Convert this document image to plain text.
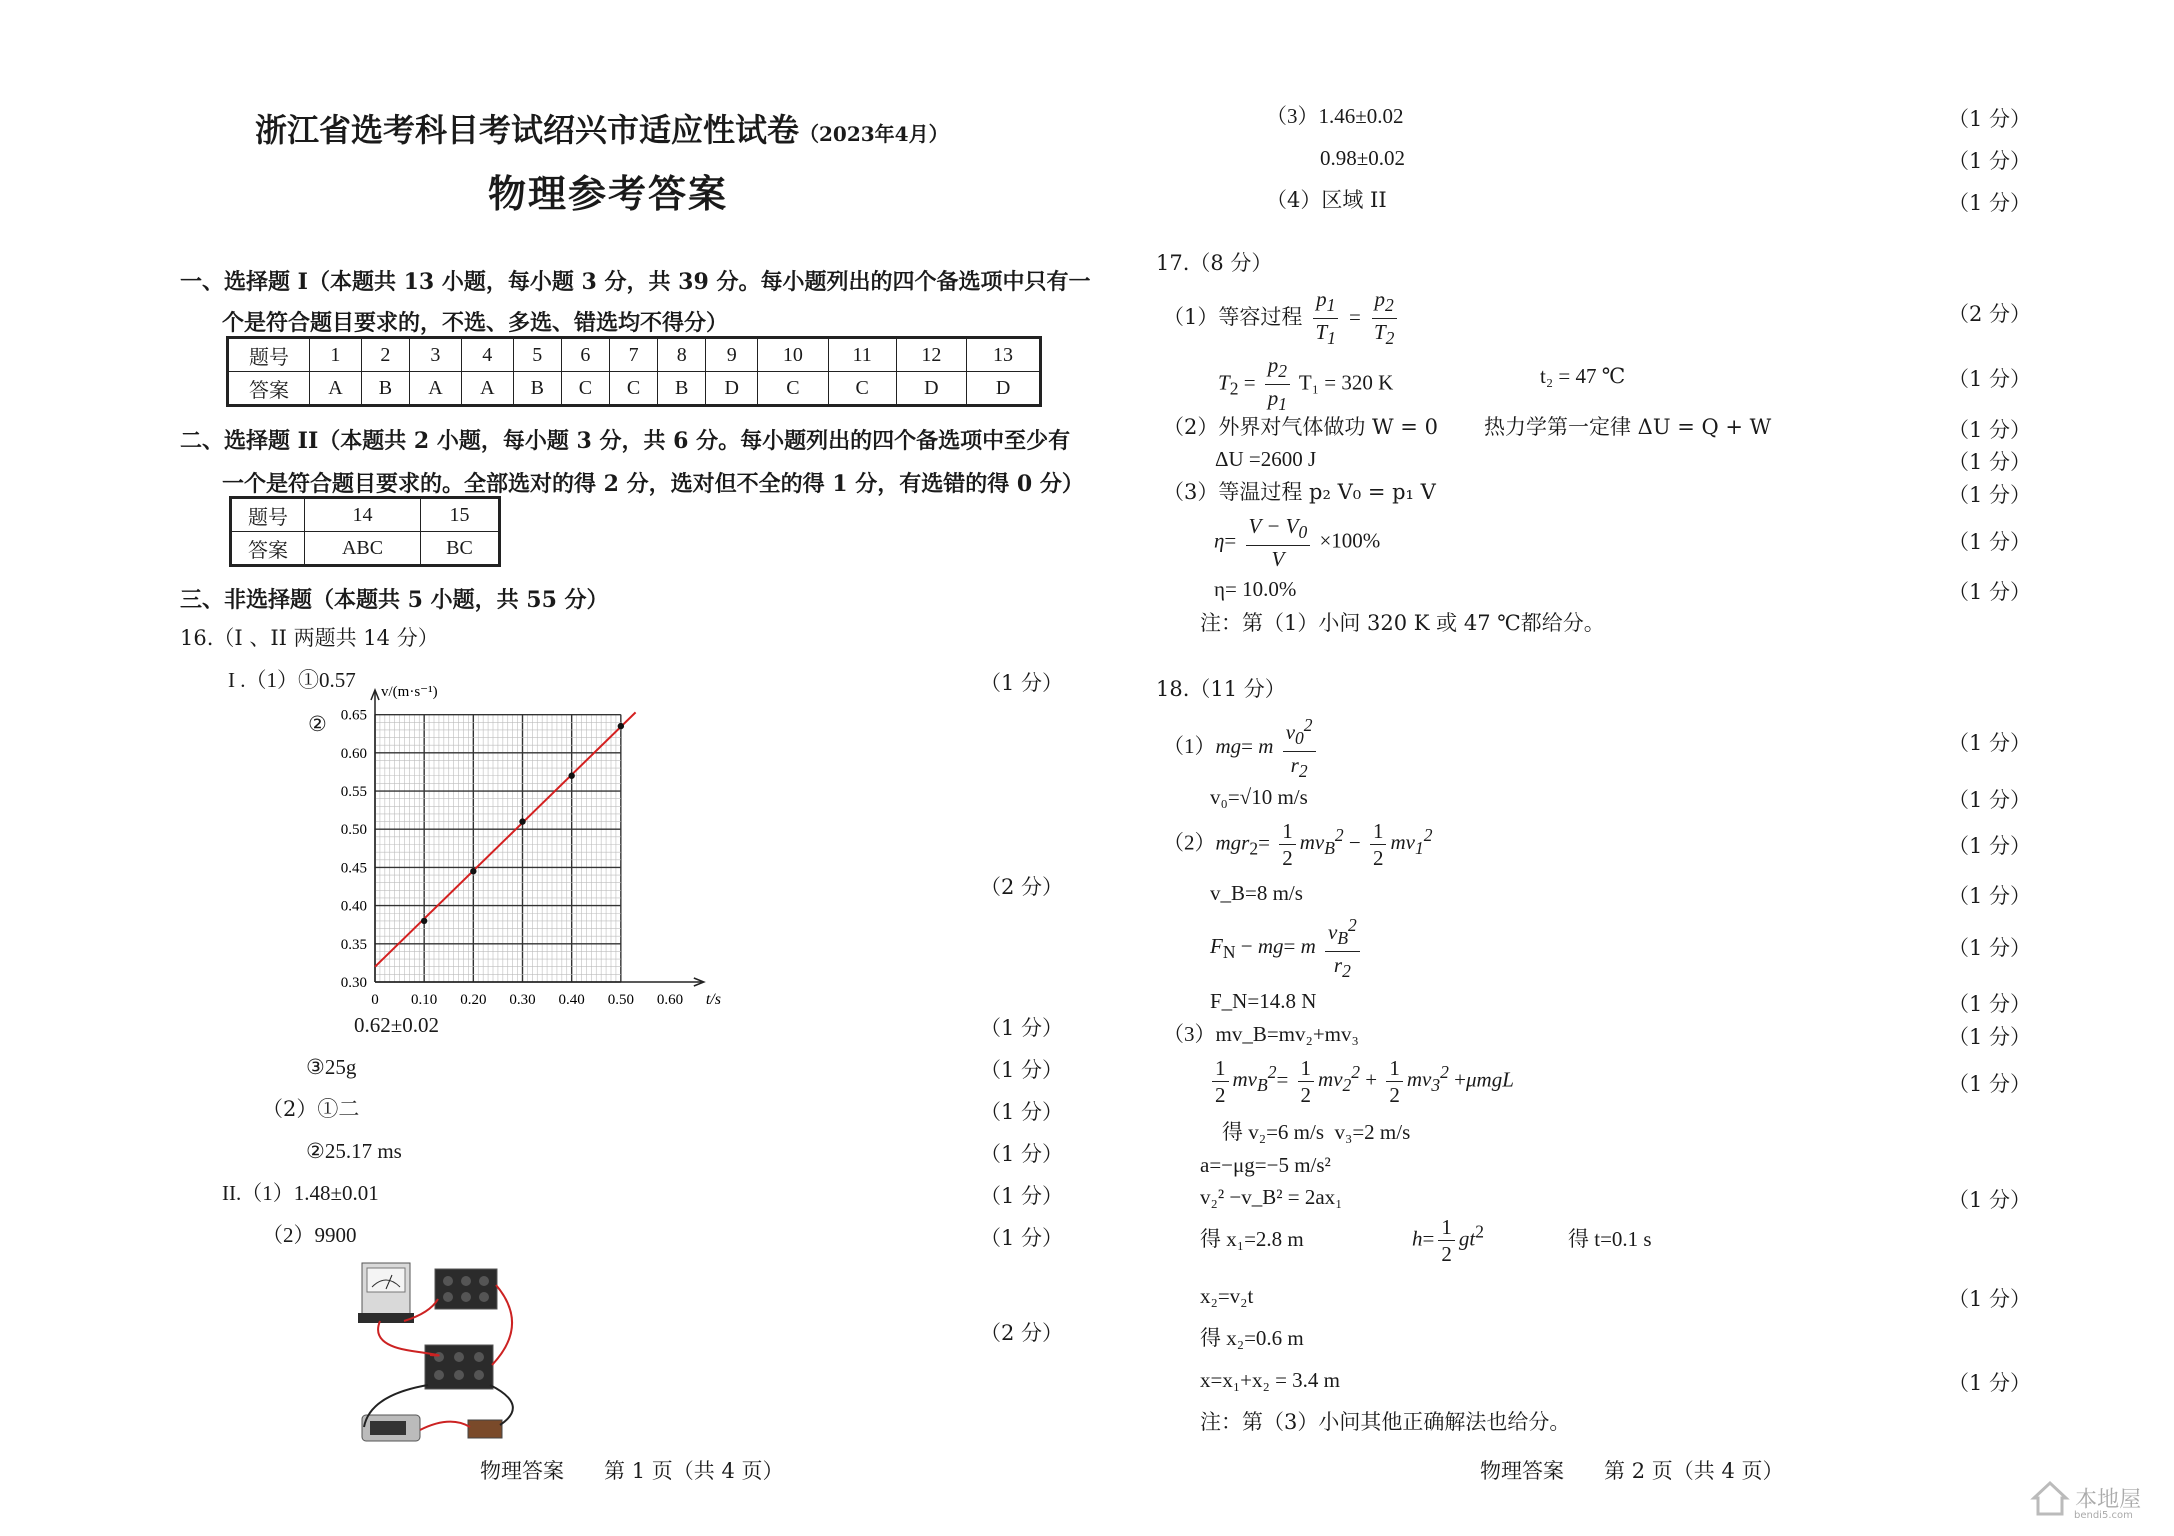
浙江省选考科目考试绍兴市适应性试卷（2023年4月）
物理参考答案
一、选择题 I（本题共 13 小题，每小题 3 分，共 39 分。每小题列出的四个备选项中只有一
个是符合题目要求的，不选、多选、错选均不得分）
题号	1	2	3	4	5	6	7	8	9	10	11	12	13
答案	A	B	A	A	B	C	C	B	D	C	C	D	D
二、选择题 II（本题共 2 小题，每小题 3 分，共 6 分。每小题列出的四个备选项中至少有
一个是符合题目要求的。全部选对的得 2 分，选对但不全的得 1 分，有选错的得 0 分）
题号	14	15
答案	ABC	BC
三、非选择题（本题共 5 小题，共 55 分）
16.（I 、II 两题共 14 分）
I .（1）①0.57	（1 分）
②
（2 分）
0 0.10 0.20 0.30 0.40 0.50 0.60
0.30
0.35
0.40
0.45
0.50
0.55
0.60
0.65
v/(m·s⁻¹)
t/s
0.62±0.02	（1 分）
③25g	（1 分）
（2）①二	（1 分）
②25.17 ms	（1 分）
II.（1）1.48±0.01	（1 分）
（2）9900	（1 分）
（2 分）
物理答案      第 1 页（共 4 页）
（3）1.46±0.02	（1 分）
0.98±0.02	（1 分）
（4）区域 II	（1 分）
17.（8 分）
（1）等容过程 $\frac{p_1}{T_1} = \frac{p_2}{T_2}$	（2 分）
$T_2 = \frac{p_2}{p_1} T_1 = 320$ K	t₂ = 47 ℃	（1 分）
（2）外界对气体做功 W = 0 热力学第一定律 ΔU = Q + W	（1 分）
ΔU =2600 J	（1 分）
（3）等温过程 p₂ V₀ = p₁ V	（1 分）
$\eta= \frac{V - V_0}{V} \times 100\%$	（1 分）
η= 10.0%	（1 分）
注：第（1）小问 320 K 或 47 ℃都给分。
18.（11 分）
（1）mg= m $\frac{v_0^2}{r_2}$	（1 分）
v₀=√10 m/s	（1 分）
$(2)mgr_2= \frac{1}{2} mv_B^2 - \frac{1}{2} mv_1^2$	（1 分）
v_B=8 m/s	（1 分）
$F_N - mg= m \frac{v_B^2}{r_2}$	（1 分）
F_N=14.8 N	（1 分）
（3）mv_B=mv₂+mv₃	（1 分）
$\frac{1}{2} mv_B^2= \frac{1}{2} mv_2^2 + \frac{1}{2} mv_3^2 +\mu mgL$	（1 分）
得 v₂=6 m/s  v₃=2 m/s
a=−μg=−5 m/s²
v₂² −v_B² = 2ax₁	（1 分）
得 x₁=2.8 m	$h= \frac{1}{2} gt^2$	得 t=0.1 s
x₂=v₂t	（1 分）
得 x₂=0.6 m
x=x₁+x₂ = 3.4 m	（1 分）
注：第（3）小问其他正确解法也给分。
物理答案      第 2 页（共 4 页）
本地屋
bendi5.com
